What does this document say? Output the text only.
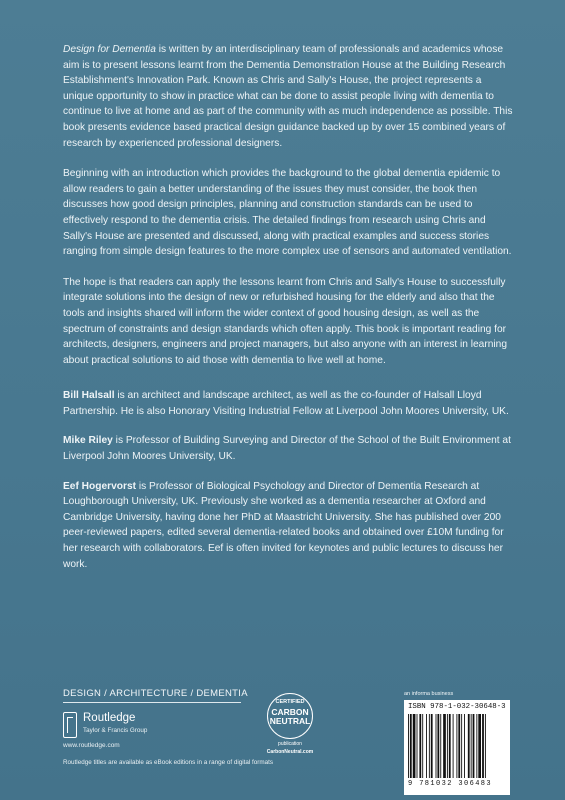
Design for Dementia is written by an interdisciplinary team of professionals and academics whose aim is to present lessons learnt from the Dementia Demonstration House at the Building Research Establishment's Innovation Park. Known as Chris and Sally's House, the project represents a unique opportunity to show in practice what can be done to assist people living with dementia to continue to live at home and as part of the community with as much independence as possible. This book presents evidence based practical design guidance backed up by over 15 combined years of research by experienced professional designers.

Beginning with an introduction which provides the background to the global dementia epidemic to allow readers to gain a better understanding of the issues they must consider, the book then discusses how good design principles, planning and construction standards can be used to effectively respond to the dementia crisis. The detailed findings from research using Chris and Sally's House are presented and discussed, along with practical examples and success stories ranging from simple design features to the more complex use of sensors and automated ventilation.

The hope is that readers can apply the lessons learnt from Chris and Sally's House to successfully integrate solutions into the design of new or refurbished housing for the elderly and also that the tools and insights shared will inform the wider context of good housing design, as well as the spectrum of constraints and design standards which often apply. This book is important reading for architects, designers, engineers and project managers, but also anyone with an interest in learning about practical solutions to aid those with dementia to live well at home.

Bill Halsall is an architect and landscape architect, as well as the co-founder of Halsall Lloyd Partnership. He is also Honorary Visiting Industrial Fellow at Liverpool John Moores University, UK.

Mike Riley is Professor of Building Surveying and Director of the School of the Built Environment at Liverpool John Moores University, UK.

Eef Hogervorst is Professor of Biological Psychology and Director of Dementia Research at Loughborough University, UK. Previously she worked as a dementia researcher at Oxford and Cambridge University, having done her PhD at Maastricht University. She has published over 200 peer-reviewed papers, edited several dementia-related books and obtained over £10M funding for her research with collaborators. Eef is often invited for keynotes and public lectures to discuss her work.

DESIGN / ARCHITECTURE / DEMENTIA
Routledge
Taylor & Francis Group
www.routledge.com
Routledge titles are available as eBook editions in a range of digital formats
CERTIFIED
CARBON NEUTRAL
publication
CarbonNeutral.com
an informa business
ISBN 978-1-032-30648-3
9 781032 306483
